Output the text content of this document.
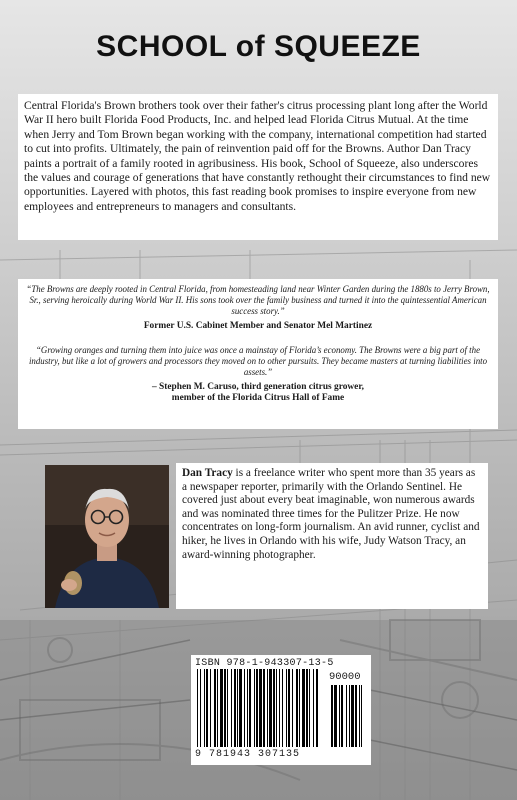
SCHOOL of SQUEEZE

Central Florida's Brown brothers took over their father's citrus processing plant long after the World War II hero built Florida Food Products, Inc. and helped lead Florida Citrus Mutual. At the time when Jerry and Tom Brown began working with the company, international competition had started to cut into profits. Ultimately, the pain of reinvention paid off for the Browns. Author Dan Tracy paints a portrait of a family rooted in agribusiness. His book, School of Squeeze, also underscores the values and courage of generations that have constantly rethought their circumstances to find new opportunities. Layered with photos, this fast reading book promises to inspire everyone from new employees and entrepreneurs to managers and consultants.

“The Browns are deeply rooted in Central Florida, from homesteading land near Winter Garden during the 1880s to Jerry Brown, Sr., serving heroically during World War II. His sons took over the family business and turned it into the quintessential American success story.”

Former U.S. Cabinet Member and Senator Mel Martinez

“Growing oranges and turning them into juice was once a mainstay of Florida’s economy. The Browns were a big part of the industry, but like a lot of growers and processors they moved on to other pursuits. They became masters at turning liabilities into assets.”

– Stephen M. Caruso, third generation citrus grower,
member of the Florida Citrus Hall of Fame

Dan Tracy is a freelance writer who spent more than 35 years as a newspaper reporter, primarily with the Orlando Sentinel. He covered just about every beat imaginable, won numerous awards and was nominated three times for the Pulitzer Prize. He now concentrates on long-form journalism. An avid runner, cyclist and hiker, he lives in Orlando with his wife, Judy Watson Tracy, an award-winning photographer.

ISBN 978-1-943307-13-5
90000
9 781943 307135
